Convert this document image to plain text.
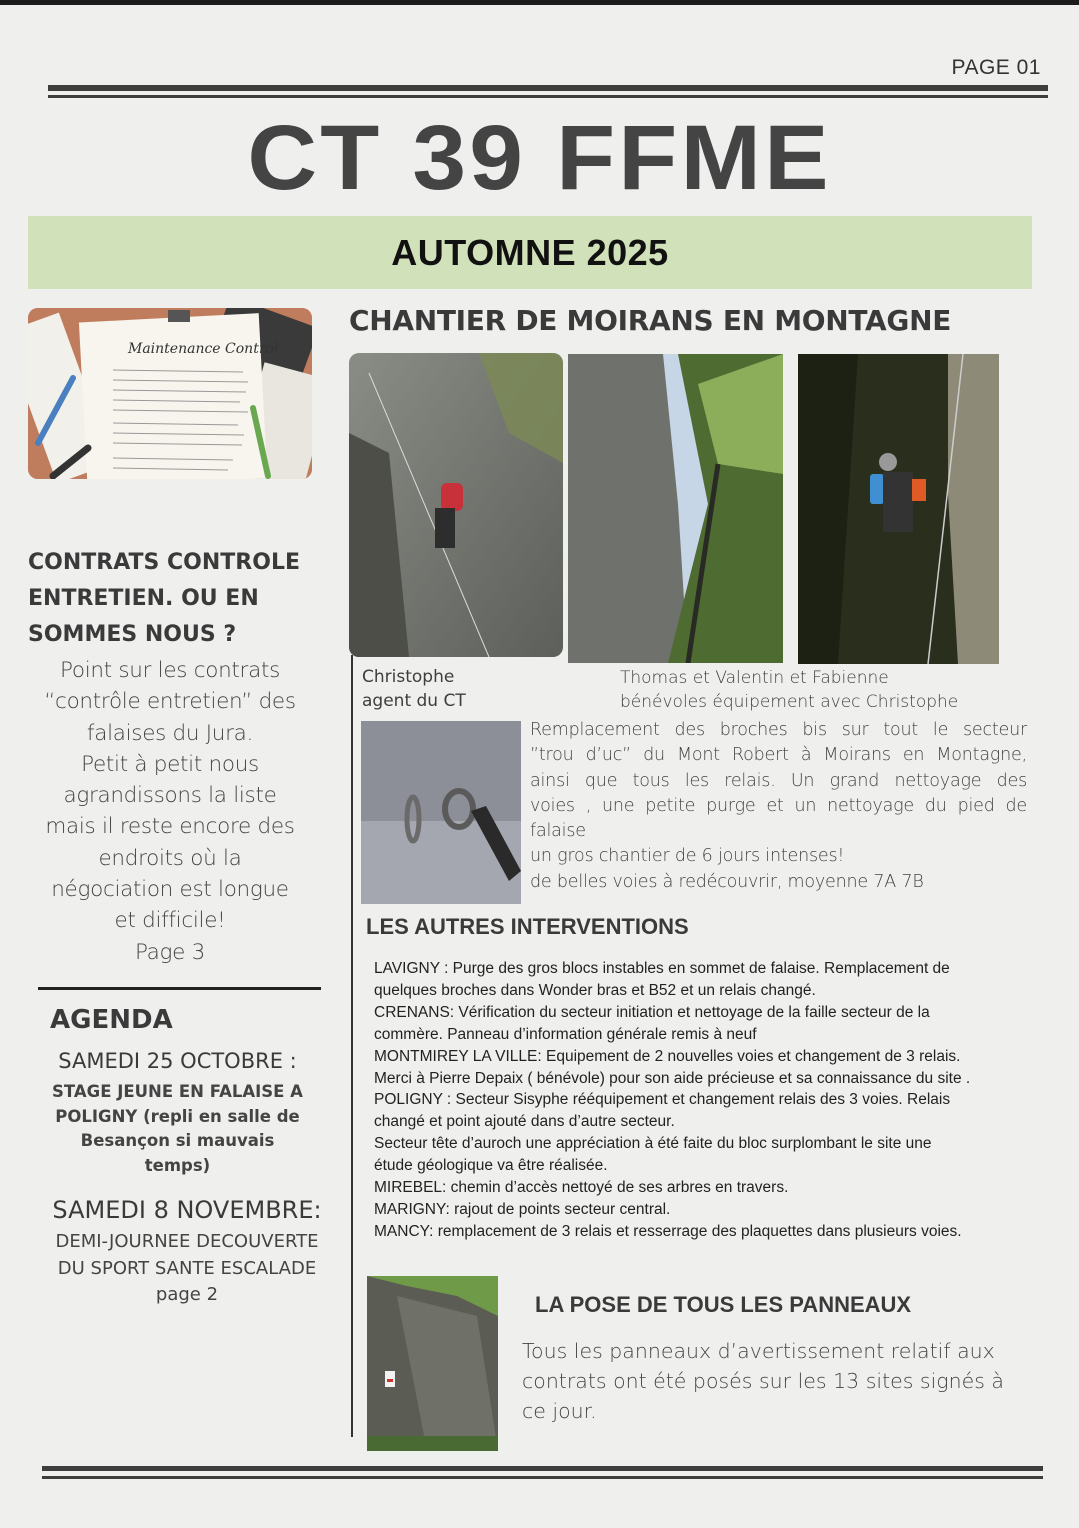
PAGE 01
CT 39 FFME
AUTOMNE 2025
Maintenance Control
CONTRATS CONTROLE
ENTRETIEN. OU EN
SOMMES NOUS ?
Point sur les contrats
“contrôle entretien” des
falaises du Jura.
Petit à petit nous
agrandissons la liste
mais il reste encore des
endroits où la
négociation est longue
et difficile!
Page 3
AGENDA
SAMEDI 25 OCTOBRE :
STAGE JEUNE EN FALAISE A
POLIGNY (repli en salle de
Besançon si mauvais
temps)
SAMEDI 8 NOVEMBRE:
DEMI-JOURNEE DECOUVERTE
DU SPORT SANTE ESCALADE
page 2
CHANTIER DE MOIRANS EN MONTAGNE
Christophe
agent du CT
Thomas et Valentin et Fabienne
bénévoles équipement avec Christophe
Remplacement des broches bis sur tout le secteur
”trou d’uc” du Mont Robert à Moirans en Montagne,
ainsi que tous les relais. Un grand nettoyage des
voies , une petite purge et un nettoyage du pied de
falaise
un gros chantier de 6 jours intenses!
de belles voies à redécouvrir, moyenne 7A 7B
LES AUTRES INTERVENTIONS
LAVIGNY : Purge des gros blocs instables en sommet de falaise. Remplacement de
quelques broches dans Wonder bras et B52 et un relais changé.
CRENANS: Vérification du secteur initiation et nettoyage de la faille secteur de la
commère. Panneau d’information générale remis à neuf
MONTMIREY LA VILLE: Equipement de 2 nouvelles voies et changement de 3 relais.
Merci à Pierre Depaix ( bénévole) pour son aide précieuse et sa connaissance du site .
POLIGNY : Secteur Sisyphe rééquipement et changement relais des 3 voies. Relais
changé et point ajouté dans d’autre secteur.
Secteur tête d’auroch une appréciation à été faite du bloc surplombant le site une
étude géologique va être réalisée.
MIREBEL: chemin d’accès nettoyé de ses arbres en travers.
MARIGNY: rajout de points secteur central.
MANCY: remplacement de 3 relais et resserrage des plaquettes dans plusieurs voies.
LA POSE DE TOUS LES PANNEAUX
Tous les panneaux d’avertissement relatif aux
contrats ont été posés sur les 13 sites signés à
ce jour.
